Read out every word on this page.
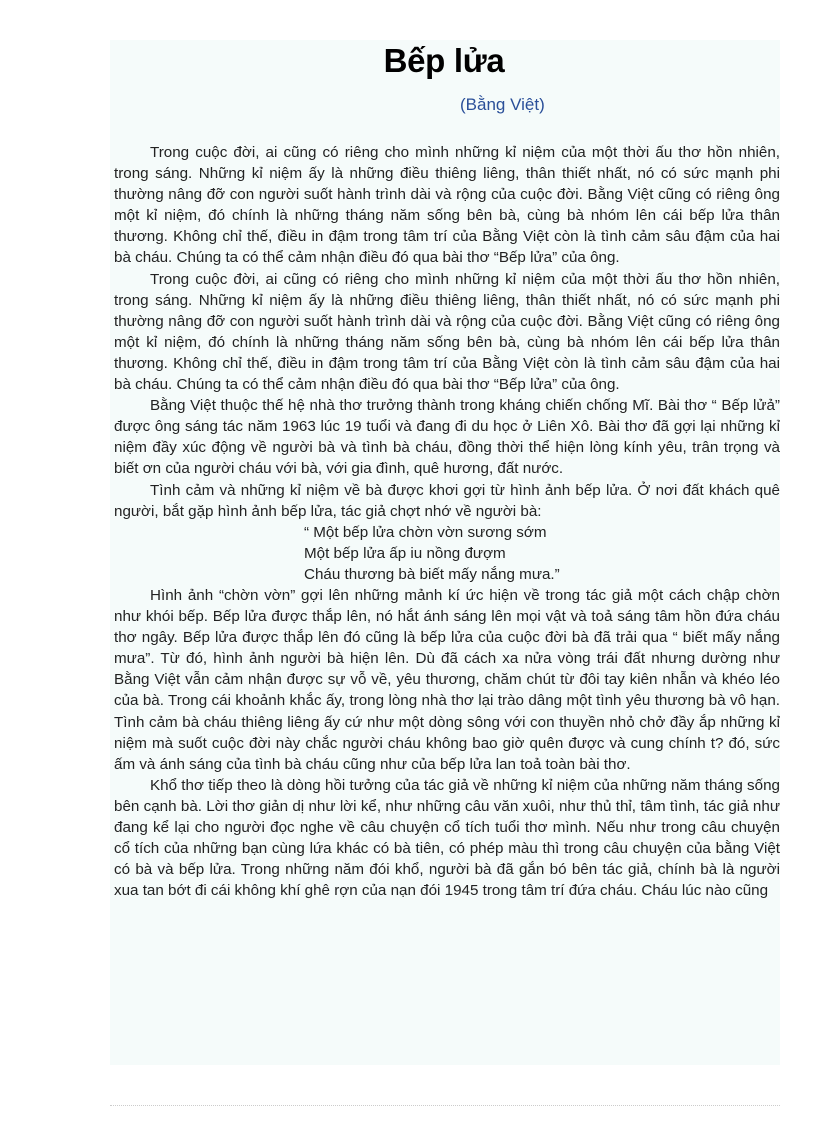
Bếp lửa
(Bằng Việt)

Trong cuộc đời, ai cũng có riêng cho mình những kỉ niệm của một thời ấu thơ hồn nhiên, trong sáng. Những kỉ niệm ấy là những điều thiêng liêng, thân thiết nhất, nó có sức mạnh phi thường nâng đỡ con người suốt hành trình dài và rộng của cuộc đời. Bằng Việt cũng có riêng ông một kỉ niệm, đó chính là những tháng năm sống bên bà, cùng bà nhóm lên cái bếp lửa thân thương. Không chỉ thế, điều in đậm trong tâm trí của Bằng Việt còn là tình cảm sâu đậm của hai bà cháu. Chúng ta có thể cảm nhận điều đó qua bài thơ “Bếp lửa” của ông.

Trong cuộc đời, ai cũng có riêng cho mình những kỉ niệm của một thời ấu thơ hồn nhiên, trong sáng. Những kỉ niệm ấy là những điều thiêng liêng, thân thiết nhất, nó có sức mạnh phi thường nâng đỡ con người suốt hành trình dài và rộng của cuộc đời. Bằng Việt cũng có riêng ông một kỉ niệm, đó chính là những tháng năm sống bên bà, cùng bà nhóm lên cái bếp lửa thân thương. Không chỉ thế, điều in đậm trong tâm trí của Bằng Việt còn là tình cảm sâu đậm của hai bà cháu. Chúng ta có thể cảm nhận điều đó qua bài thơ “Bếp lửa” của ông.

Bằng Việt thuộc thế hệ nhà thơ trưởng thành trong kháng chiến chống Mĩ. Bài thơ “ Bếp lửả” được ông sáng tác năm 1963 lúc 19 tuổi và đang đi du học ở Liên Xô. Bài thơ đã gợi lại những kỉ niệm đầy xúc động về người bà và tình bà cháu, đồng thời thể hiện lòng kính yêu, trân trọng và biết ơn của người cháu với bà, với gia đình, quê hương, đất nước.

Tình cảm và những kỉ niệm về bà được khơi gợi từ hình ảnh bếp lửa. Ở nơi đất khách quê người, bắt gặp hình ảnh bếp lửa, tác giả chợt nhớ về người bà:

“ Một bếp lửa chờn vờn sương sớm

Một bếp lửa ấp iu nồng đượm

Cháu thương bà biết mấy nắng mưa.”

Hình ảnh “chờn vờn” gợi lên những mảnh kí ức hiện về trong tác giả một cách chập chờn như khói bếp. Bếp lửa được thắp lên, nó hắt ánh sáng lên mọi vật và toả sáng tâm hồn đứa cháu thơ ngây. Bếp lửa được thắp lên đó cũng là bếp lửa của cuộc đời bà đã trải qua “ biết mấy nắng mưa”. Từ đó, hình ảnh người bà hiện lên. Dù đã cách xa nửa vòng trái đất nhưng dường như Bằng Việt vẫn cảm nhận được sự vỗ về, yêu thương, chăm chút từ đôi tay kiên nhẫn và khéo léo của bà. Trong cái khoảnh khắc ấy, trong lòng nhà thơ lại trào dâng một tình yêu thương bà vô hạn. Tình cảm bà cháu thiêng liêng ấy cứ như một dòng sông với con thuyền nhỏ chở đầy ắp những kỉ niệm mà suốt cuộc đời này chắc người cháu không bao giờ quên được và cung chính t? đó, sức ấm và ánh sáng của tình bà cháu cũng như của bếp lửa lan toả toàn bài thơ.

Khổ thơ tiếp theo là dòng hồi tưởng của tác giả về những kỉ niệm của những năm tháng sống bên cạnh bà. Lời thơ giản dị như lời kể, như những câu văn xuôi, như thủ thỉ, tâm tình, tác giả như đang kể lại cho người đọc nghe về câu chuyện cổ tích tuổi thơ mình. Nếu như trong câu chuyện cổ tích của những bạn cùng lứa khác có bà tiên, có phép màu thì trong câu chuyện của bằng Việt có bà và bếp lửa. Trong những năm đói khổ, người bà đã gắn bó bên tác giả, chính bà là người xua tan bớt đi cái không khí ghê rợn của nạn đói 1945 trong tâm trí đứa cháu. Cháu lúc nào cũng
